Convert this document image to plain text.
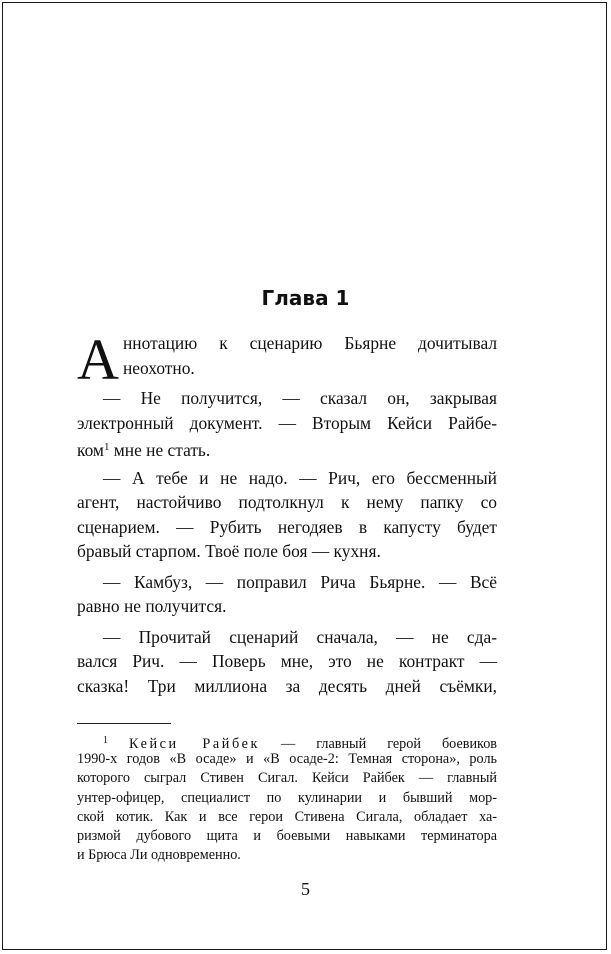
Глава 1
А ннотацию к сценарию Бьярне дочитывал
неохотно.
— Не получится, — сказал он, закрывая
электронный документ. — Вторым Кейси Райбе-
ком$^1$ мне не стать.
— А тебе и не надо. — Рич, его бессменный
агент, настойчиво подтолкнул к нему папку со
сценарием. — Рубить негодяев в капусту будет
бравый старпом. Твоё поле боя — кухня.
— Камбуз, — поправил Рича Бьярне. — Всё
равно не получится.
— Прочитай сценарий сначала, — не сда-
вался Рич. — Поверь мне, это не контракт —
сказка! Три миллиона за десять дней съёмки,
$^1$ Кейси Райбек — главный герой боевиков
1990-х годов «В осаде» и «В осаде-2: Темная сторона», роль
которого сыграл Стивен Сигал. Кейси Райбек — главный
унтер-офицер, специалист по кулинарии и бывший мор-
ской котик. Как и все герои Стивена Сигала, обладает ха-
ризмой дубового щита и боевыми навыками терминатора
и Брюса Ли одновременно.
5
